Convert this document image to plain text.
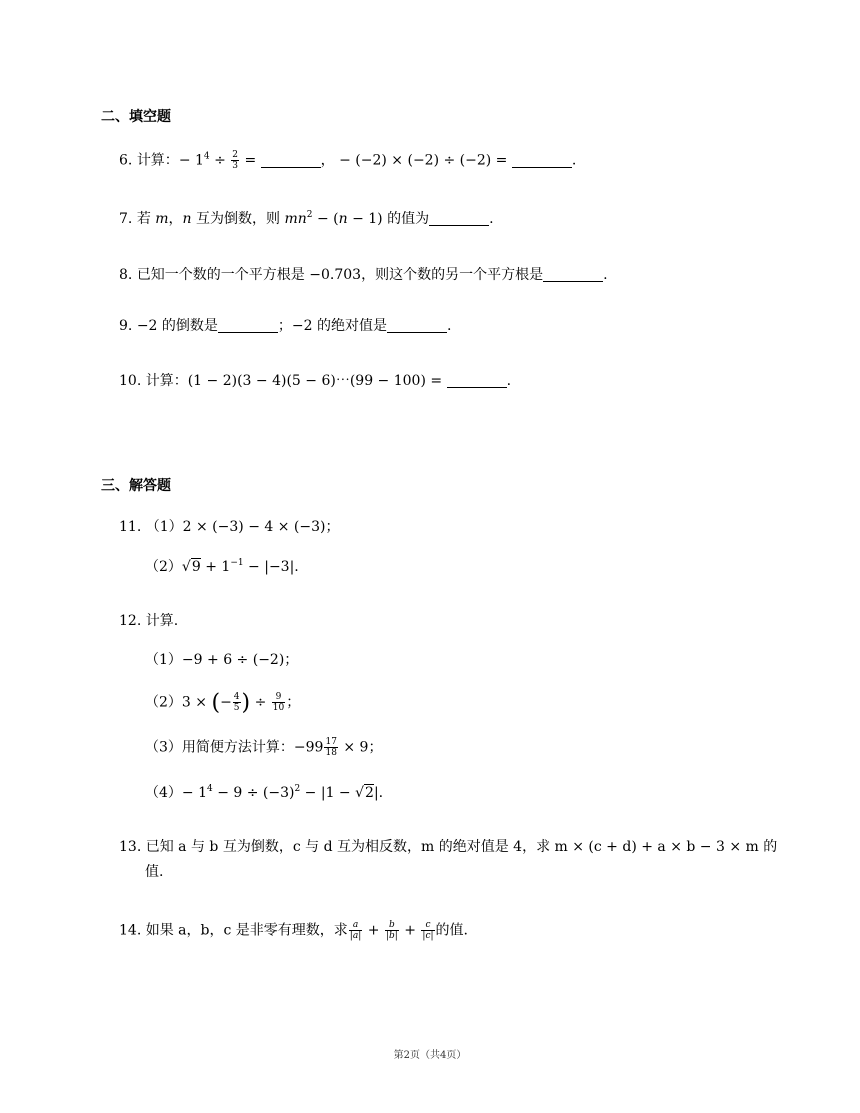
二、填空题
6. 计算：− $1^4 \div \frac{2}{3}$ =	， − (−2) × (−2) ÷ (−2) =	.
7. 若 m，n 互为倒数，则 $mn^2 - (n - 1)$ 的值为	.
8. 已知一个数的一个平方根是 −0.703，则这个数的另一个平方根是	.
9. −2 的倒数是	；−2 的绝对值是	.
10. 计算：(1 − 2)(3 − 4)(5 − 6)⋯(99 − 100) =	.
三、解答题
11. （1）2 × (−3) − 4 × (−3)；
$(2)√9 + 1^{-1} - |-3|$.
12. 计算.
（1）−9 + 6 ÷ (−2)；
（2）3 × (− $\frac{4}{5}$ ) ÷ $\frac{9}{10}$ ；
（3）用简便方法计算：$-99 \frac{17}{18} \times 9$；
$(4)- 1^4 - 9 \div (-3)^2 - |1 - √2|$.
13. 已知 a 与 b 互为倒数，c 与 d 互为相反数，m 的绝对值是 4，求 m × (c + d) + a × b − 3 × m 的
值.
14. 如果 a，b，c 是非零有理数，求 $\frac{a}{|a|} + \frac{b}{|b|} + \frac{c}{|c|}$ 的值.
第2页（共4页）
